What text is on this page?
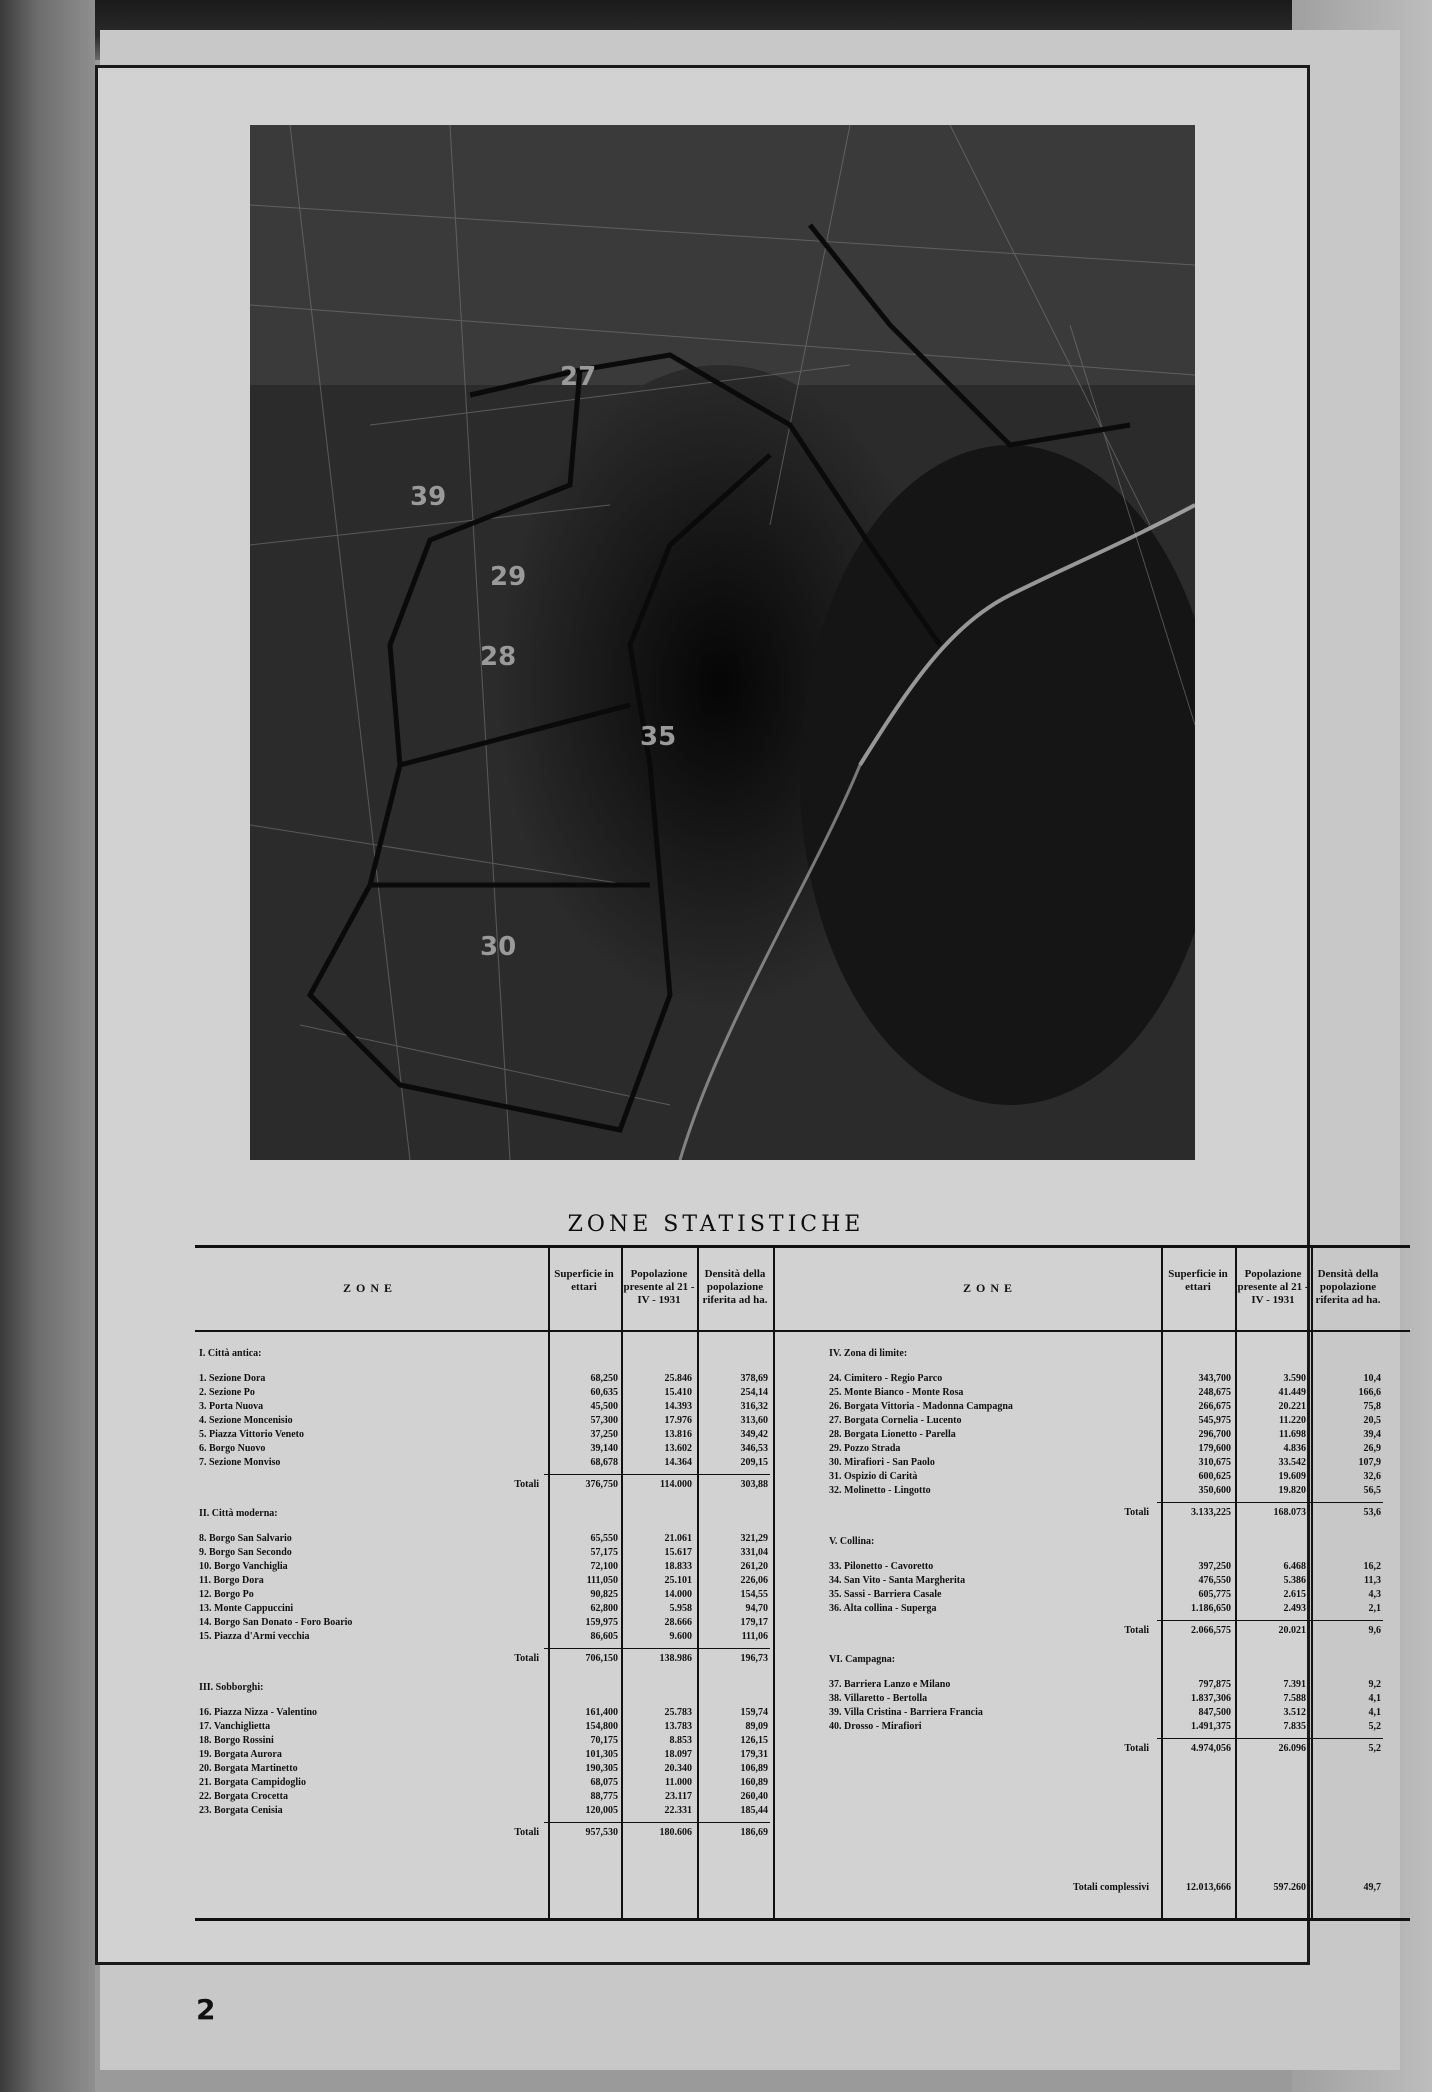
27
39
29
28
30
35
ZONE STATISTICHE
ZONE
Superficie in ettari
Popolazione presente al 21 - IV - 1931
Densità della popolazione riferita ad ha.
I. Città antica:
1. Sezione Dora	68,250	25.846	378,69
2. Sezione Po	60,635	15.410	254,14
3. Porta Nuova	45,500	14.393	316,32
4. Sezione Moncenisio	57,300	17.976	313,60
5. Piazza Vittorio Veneto	37,250	13.816	349,42
6. Borgo Nuovo	39,140	13.602	346,53
7. Sezione Monviso	68,678	14.364	209,15
Totali	376,750	114.000	303,88
II. Città moderna:
8. Borgo San Salvario	65,550	21.061	321,29
9. Borgo San Secondo	57,175	15.617	331,04
10. Borgo Vanchiglia	72,100	18.833	261,20
11. Borgo Dora	111,050	25.101	226,06
12. Borgo Po	90,825	14.000	154,55
13. Monte Cappuccini	62,800	5.958	94,70
14. Borgo San Donato - Foro Boario	159,975	28.666	179,17
15. Piazza d'Armi vecchia	86,605	9.600	111,06
Totali	706,150	138.986	196,73
III. Sobborghi:
16. Piazza Nizza - Valentino	161,400	25.783	159,74
17. Vanchiglietta	154,800	13.783	89,09
18. Borgo Rossini	70,175	8.853	126,15
19. Borgata Aurora	101,305	18.097	179,31
20. Borgata Martinetto	190,305	20.340	106,89
21. Borgata Campidoglio	68,075	11.000	160,89
22. Borgata Crocetta	88,775	23.117	260,40
23. Borgata Cenisia	120,005	22.331	185,44
Totali	957,530	180.606	186,69
ZONE
Superficie in ettari
Popolazione presente al 21 - IV - 1931
Densità della popolazione riferita ad ha.
IV. Zona di limite:
24. Cimitero - Regio Parco	343,700	3.590	10,4
25. Monte Bianco - Monte Rosa	248,675	41.449	166,6
26. Borgata Vittoria - Madonna Campagna	266,675	20.221	75,8
27. Borgata Cornelia - Lucento	545,975	11.220	20,5
28. Borgata Lionetto - Parella	296,700	11.698	39,4
29. Pozzo Strada	179,600	4.836	26,9
30. Mirafiori - San Paolo	310,675	33.542	107,9
31. Ospizio di Carità	600,625	19.609	32,6
32. Molinetto - Lingotto	350,600	19.820	56,5
Totali	3.133,225	168.073	53,6
V. Collina:
33. Pilonetto - Cavoretto	397,250	6.468	16,2
34. San Vito - Santa Margherita	476,550	5.386	11,3
35. Sassi - Barriera Casale	605,775	2.615	4,3
36. Alta collina - Superga	1.186,650	2.493	2,1
Totali	2.066,575	20.021	9,6
VI. Campagna:
37. Barriera Lanzo e Milano	797,875	7.391	9,2
38. Villaretto - Bertolla	1.837,306	7.588	4,1
39. Villa Cristina - Barriera Francia	847,500	3.512	4,1
40. Drosso - Mirafiori	1.491,375	7.835	5,2
Totali	4.974,056	26.096	5,2
Totali complessivi	12.013,666	597.260	49,7
2
